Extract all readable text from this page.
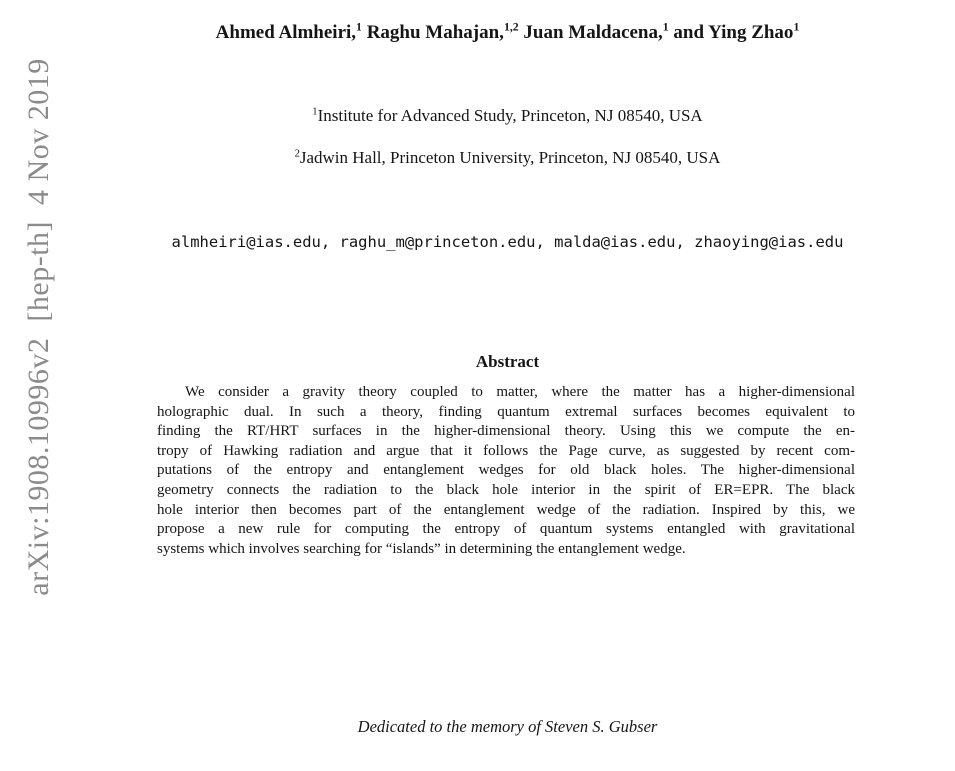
arXiv:1908.10996v2  [hep-th]  4 Nov 2019
Ahmed Almheiri,$^1$ Raghu Mahajan,$^{1,2}$ Juan Maldacena,$^1$ and Ying Zhao$^1$
$^1$Institute for Advanced Study, Princeton, NJ 08540, USA
$^2$Jadwin Hall, Princeton University, Princeton, NJ 08540, USA
almheiri@ias.edu, raghu_m@princeton.edu, malda@ias.edu, zhaoying@ias.edu
Abstract
We consider a gravity theory coupled to matter, where the matter has a higher-dimensional
holographic dual. In such a theory, finding quantum extremal surfaces becomes equivalent to
finding the RT/HRT surfaces in the higher-dimensional theory. Using this we compute the en-
tropy of Hawking radiation and argue that it follows the Page curve, as suggested by recent com-
putations of the entropy and entanglement wedges for old black holes. The higher-dimensional
geometry connects the radiation to the black hole interior in the spirit of ER=EPR. The black
hole interior then becomes part of the entanglement wedge of the radiation. Inspired by this, we
propose a new rule for computing the entropy of quantum systems entangled with gravitational
systems which involves searching for “islands” in determining the entanglement wedge.
Dedicated to the memory of Steven S. Gubser
